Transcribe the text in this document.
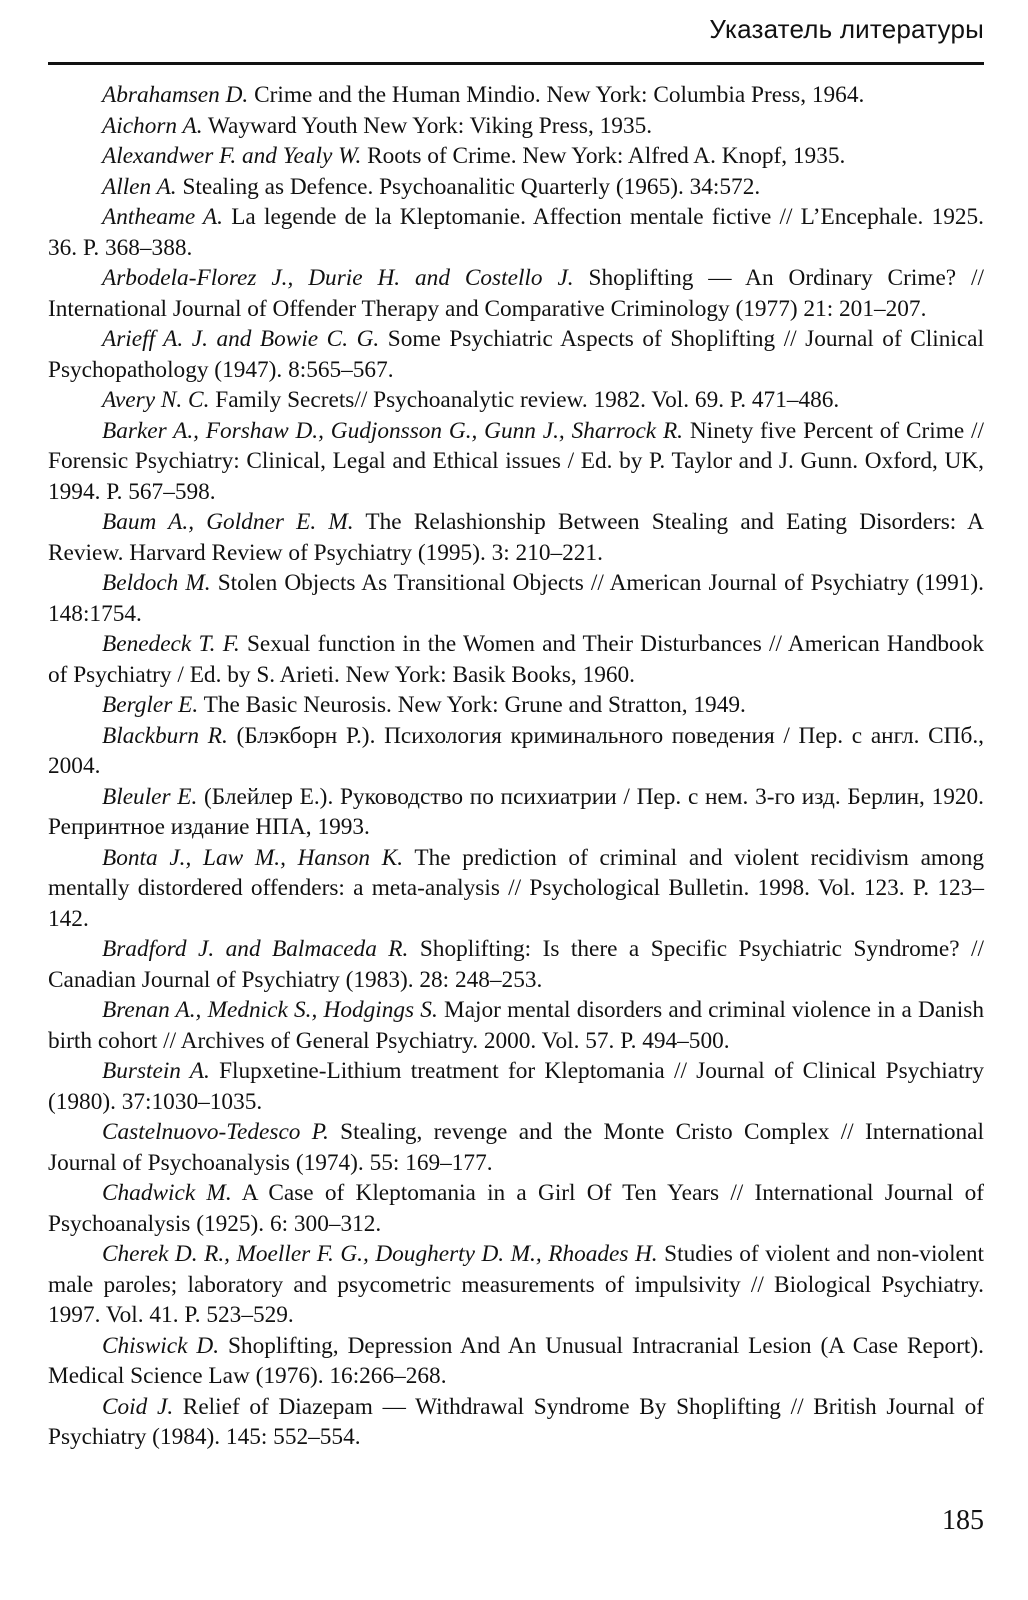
Указатель литературы

Abrahamsen D. Crime and the Human Mindio. New York: Columbia Press, 1964.

Aichorn A. Wayward Youth New York: Viking Press, 1935.

Alexandwer F. and Yealy W. Roots of Crime. New York: Alfred A. Knopf, 1935.

Allen A. Stealing as Defence. Psychoanalitic Quarterly (1965). 34:572.

Antheame A. La legende de la Kleptomanie. Affection mentale fictive // L’Encephale. 1925. 36. P. 368–388.

Arbodela-Florez J., Durie H. and Costello J. Shoplifting — An Ordinary Crime? // International Journal of Offender Therapy and Comparative Criminology (1977) 21: 201–207.

Arieff A. J. and Bowie C. G. Some Psychiatric Aspects of Shoplifting // Journal of Clinical Psychopathology (1947). 8:565–567.

Avery N. C. Family Secrets// Psychoanalytic review. 1982. Vol. 69. P. 471–486.

Barker A., Forshaw D., Gudjonsson G., Gunn J., Sharrock R. Ninety five Percent of Crime // Forensic Psychiatry: Clinical, Legal and Ethical issues / Ed. by P. Taylor and J. Gunn. Oxford, UK, 1994. P. 567–598.

Baum A., Goldner E. M. The Relashionship Between Stealing and Eating Disorders: A Review. Harvard Review of Psychiatry (1995). 3: 210–221.

Beldoch M. Stolen Objects As Transitional Objects // American Journal of Psychiatry (1991). 148:1754.

Benedeck T. F. Sexual function in the Women and Their Disturbances // American Handbook of Psychiatry / Ed. by S. Arieti. New York: Basik Books, 1960.

Bergler E. The Basic Neurosis. New York: Grune and Stratton, 1949.

Blackburn R. (Блэкборн Р.). Психология криминального поведения / Пер. с англ. СПб., 2004.

Bleuler E. (Блейлер Е.). Руководство по психиатрии / Пер. с нем. 3-го изд. Берлин, 1920. Репринтное издание НПА, 1993.

Bonta J., Law M., Hanson K. The prediction of criminal and violent recidivism among mentally distordered offenders: a meta-analysis // Psychological Bulletin. 1998. Vol. 123. P. 123–142.

Bradford J. and Balmaceda R. Shoplifting: Is there a Specific Psychiatric Syndrome? // Canadian Journal of Psychiatry (1983). 28: 248–253.

Brenan A., Mednick S., Hodgings S. Major mental disorders and criminal violence in a Danish birth cohort // Archives of General Psychiatry. 2000. Vol. 57. P. 494–500.

Burstein A. Flupxetine-Lithium treatment for Kleptomania // Journal of Clinical Psychiatry (1980). 37:1030–1035.

Castelnuovo-Tedesco P. Stealing, revenge and the Monte Cristo Complex // International Journal of Psychoanalysis (1974). 55: 169–177.

Chadwick M. A Case of Kleptomania in a Girl Of Ten Years // International Journal of Psychoanalysis (1925). 6: 300–312.

Cherek D. R., Moeller F. G., Dougherty D. M., Rhoades H. Studies of violent and non-violent male paroles; laboratory and psycometric measurements of impulsivity // Biological Psychiatry. 1997. Vol. 41. P. 523–529.

Chiswick D. Shoplifting, Depression And An Unusual Intracranial Lesion (A Case Report). Medical Science Law (1976). 16:266–268.

Coid J. Relief of Diazepam — Withdrawal Syndrome By Shoplifting // British Journal of Psychiatry (1984). 145: 552–554.

185
